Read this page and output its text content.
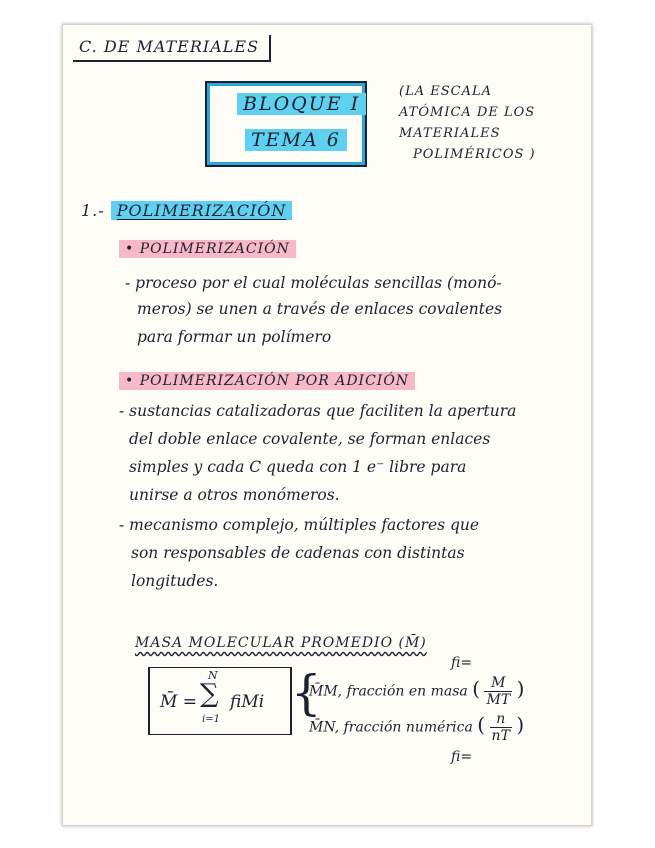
C. DE MATERIALES
BLOQUE I
TEMA 6
(LA ESCALA
ATÓMICA DE LOS
MATERIALES
POLIMÉRICOS )
1.- POLIMERIZACIÓN
• POLIMERIZACIÓN
- proceso por el cual moléculas sencillas (monó-
meros) se unen a través de enlaces covalentes
para formar un polímero
• POLIMERIZACIÓN POR ADICIÓN
- sustancias catalizadoras que faciliten la apertura
del doble enlace covalente, se forman enlaces
simples y cada C queda con 1 e⁻ libre para
unirse a otros monómeros.
- mecanismo complejo, múltiples factores que
son responsables de cadenas con distintas
longitudes.
MASA MOLECULAR PROMEDIO (M̄)
M̄ =
N
∑
i=1
fiMi {
fi=
M̄M, fracción en masa ( $\frac{M}{MT}$ )
M̄N, fracción numérica ( $\frac{n}{nT}$ )
fi=
